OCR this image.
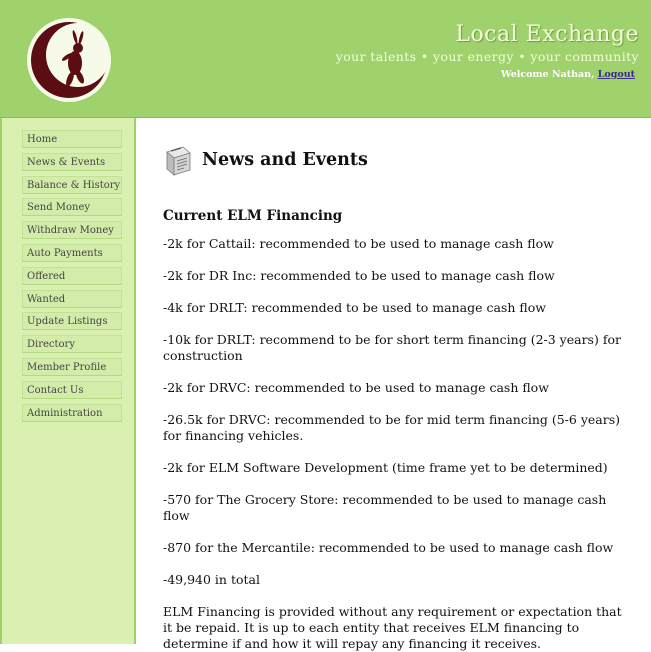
Local Exchange
your talents • your energy • your community
Welcome Nathan, Logout
Home
News & Events
Balance & History
Send Money
Withdraw Money
Auto Payments
Offered
Wanted
Update Listings
Directory
Member Profile
Contact Us
Administration
News and Events
Current ELM Financing
-2k for Cattail: recommended to be used to manage cash flow
-2k for DR Inc: recommended to be used to manage cash flow
-4k for DRLT: recommended to be used to manage cash flow
-10k for DRLT: recommend to be for short term financing (2-3 years) for construction
-2k for DRVC: recommended to be used to manage cash flow
-26.5k for DRVC: recommended to be for mid term financing (5-6 years) for financing vehicles.
-2k for ELM Software Development (time frame yet to be determined)
-570 for The Grocery Store: recommended to be used to manage cash flow
-870 for the Mercantile: recommended to be used to manage cash flow
-49,940 in total
ELM Financing is provided without any requirement or expectation that it be repaid. It is up to each entity that receives ELM financing to determine if and how it will repay any financing it receives.
